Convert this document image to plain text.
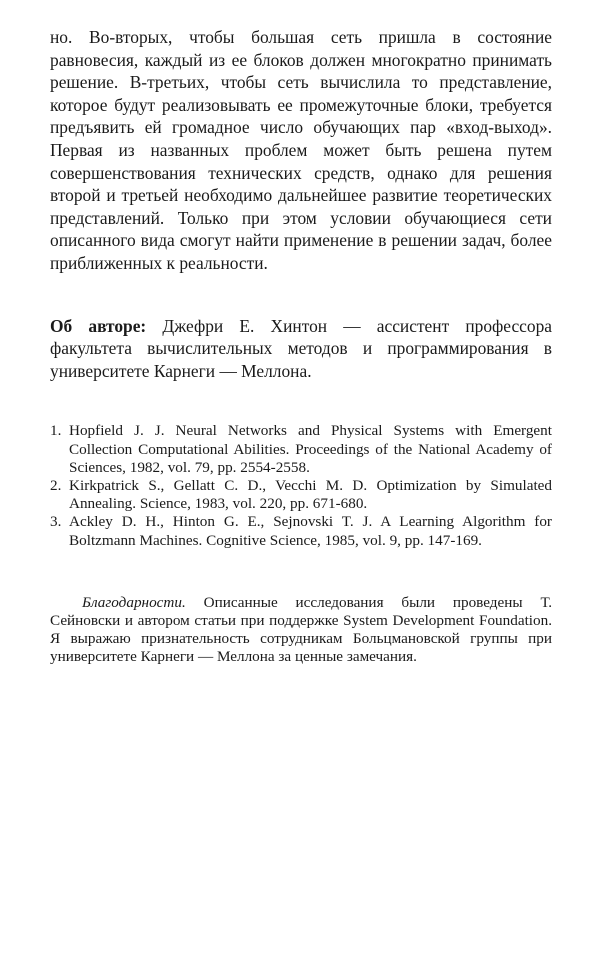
но. Во-вторых, чтобы большая сеть пришла в состояние равновесия, каждый из ее блоков должен многократно принимать решение. В-третьих, чтобы сеть вычислила то представление, которое будут реализовывать ее промежуточные блоки, требуется предъявить ей громадное число обучающих пар «вход-выход». Первая из названных проблем может быть решена путем совершенствования технических средств, однако для решения второй и третьей необходимо дальнейшее развитие теоретических представлений. Только при этом условии обучающиеся сети описанного вида смогут найти применение в решении задач, более приближенных к реальности.

Об авторе: Джефри Е. Хинтон — ассистент профессора факультета вычислительных методов и программирования в университете Карнеги — Меллона.

1. Hopfield J. J. Neural Networks and Physical Systems with Emergent Collection Computational Abilities. Proceedings of the National Academy of Sciences, 1982, vol. 79, pp. 2554-2558.
2. Kirkpatrick S., Gellatt C. D., Vecchi M. D. Optimization by Simulated Annealing. Science, 1983, vol. 220, pp. 671-680.
3. Ackley D. H., Hinton G. E., Sejnovski T. J. A Learning Algorithm for Boltzmann Machines. Cognitive Science, 1985, vol. 9, pp. 147-169.

Благодарности. Описанные исследования были проведены Т. Сейновски и автором статьи при поддержке System Development Foundation. Я выражаю признательность сотрудникам Больцмановской группы при университете Карнеги — Меллона за ценные замечания.
